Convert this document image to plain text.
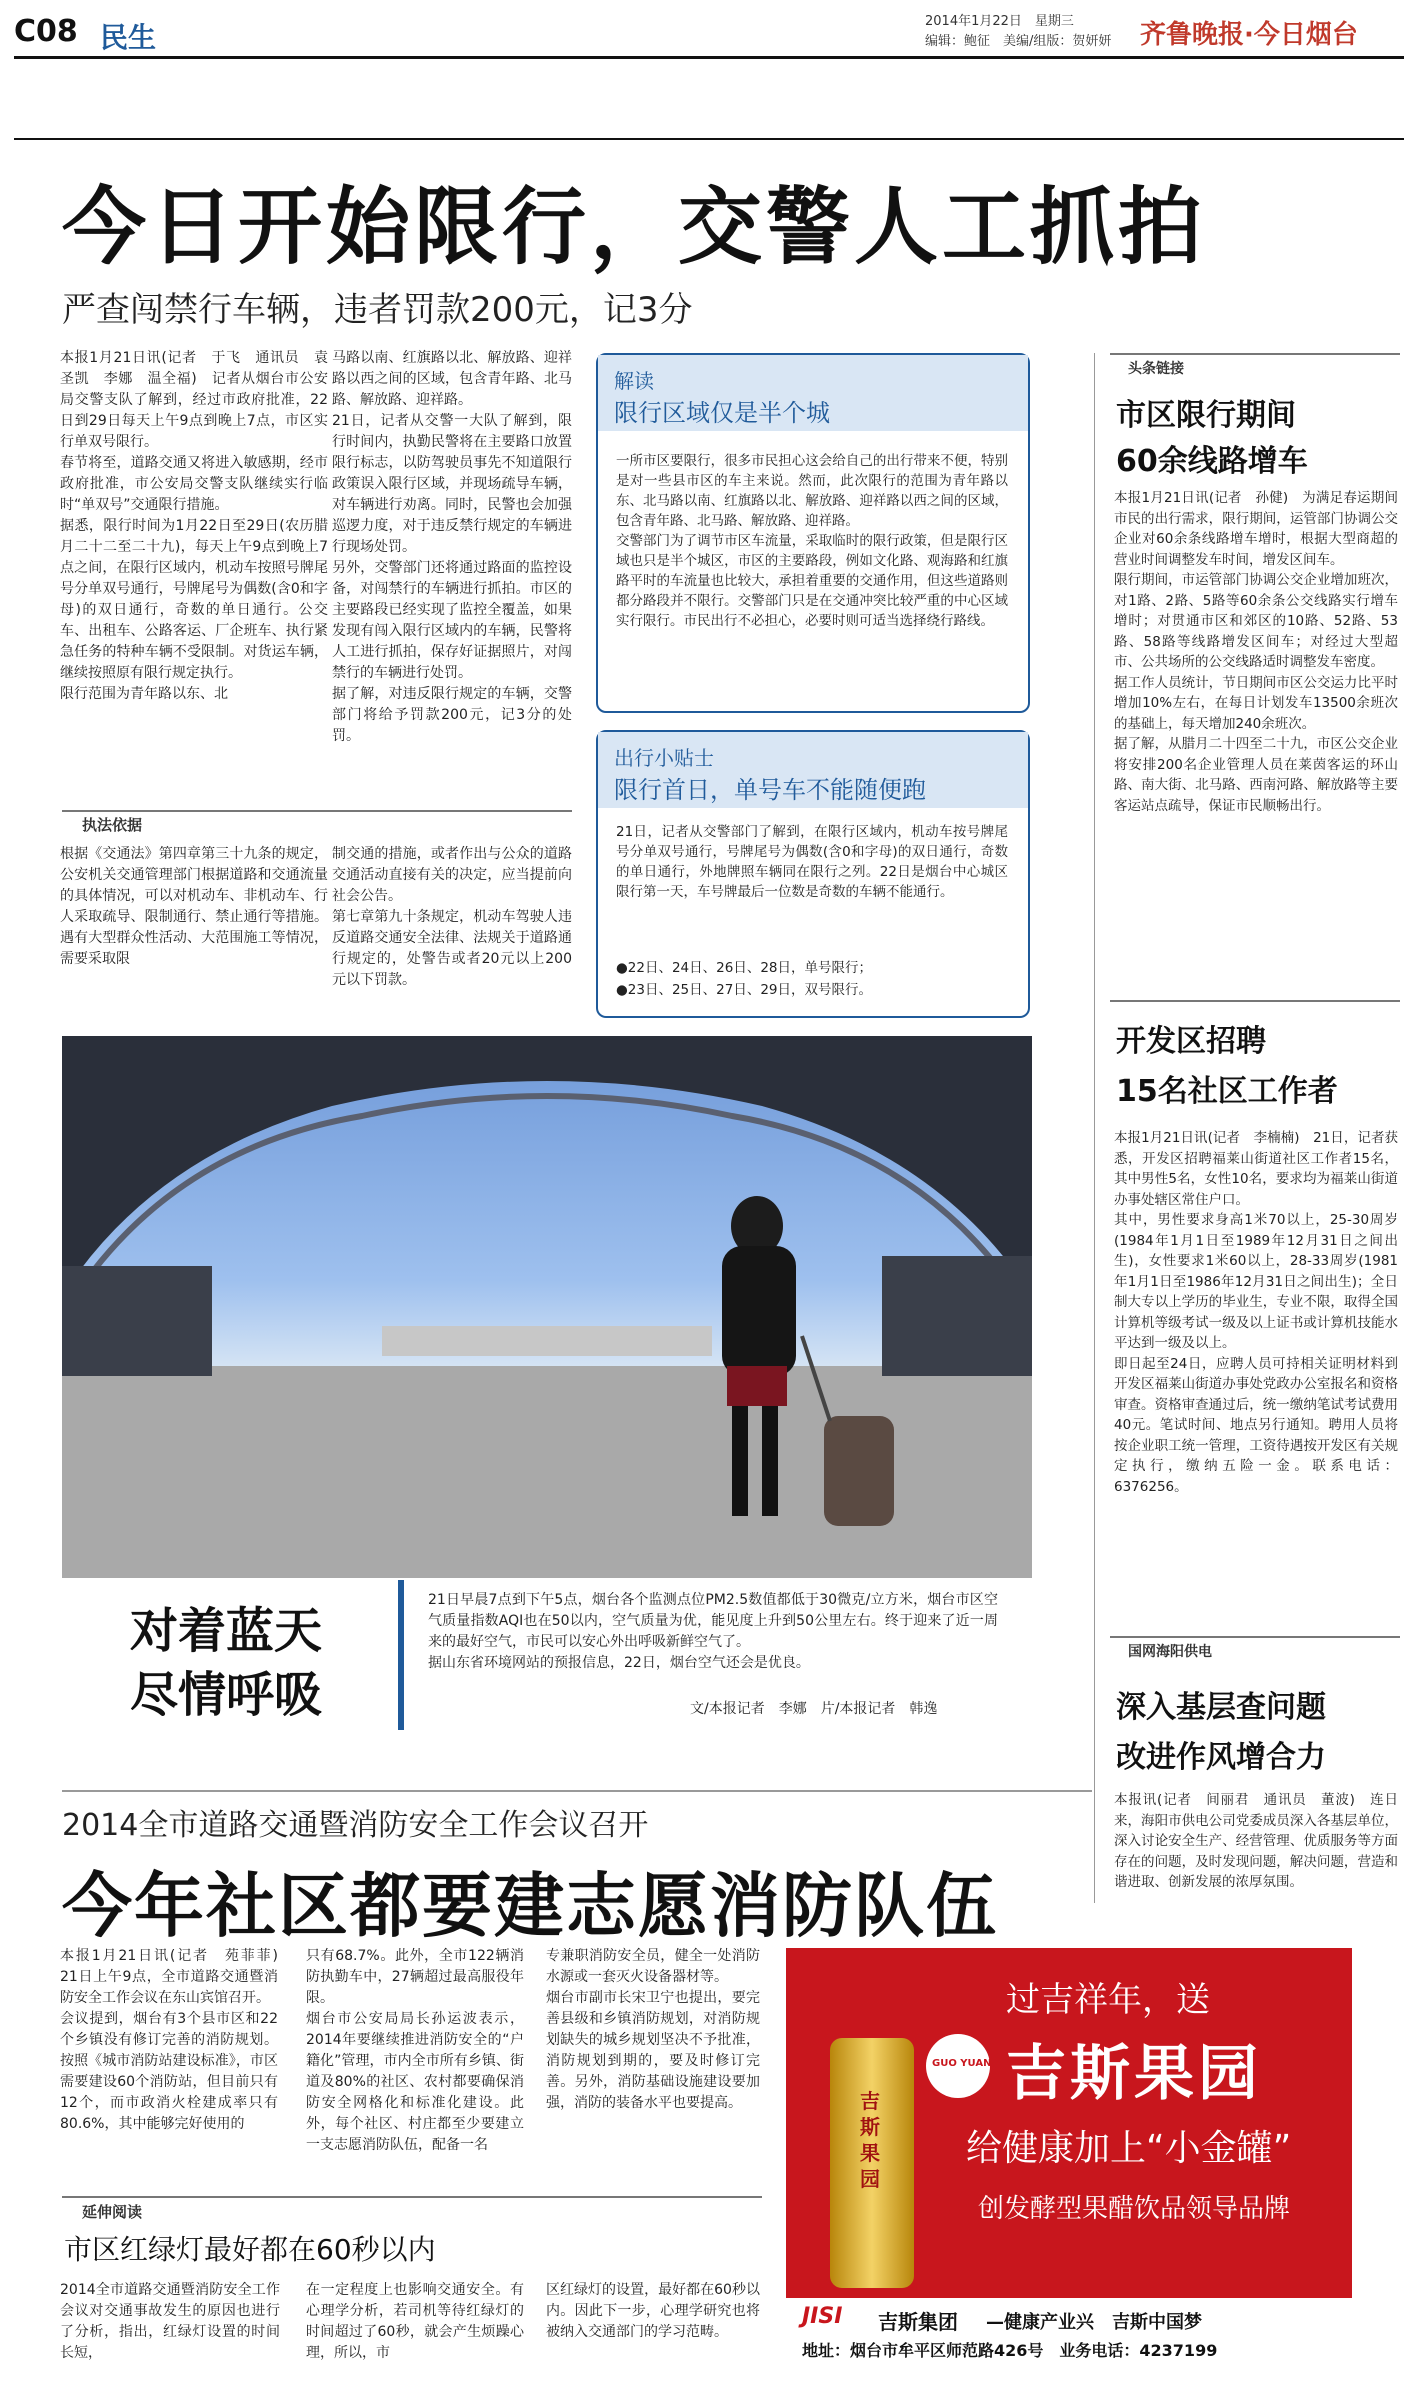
C08 民生	2014年1月22日　星期三
编辑：鲍征　美编/组版：贺妍妍 齐鲁晚报·今日烟台
今日开始限行，交警人工抓拍
严查闯禁行车辆，违者罚款200元，记3分
本报1月21日讯(记者　于飞　通讯员　袁圣凯　李娜　温全福)　记者从烟台市公安局交警支队了解到，经过市政府批准，22日到29日每天上午9点到晚上7点，市区实行单双号限行。
春节将至，道路交通又将进入敏感期，经市政府批准，市公安局交警支队继续实行临时“单双号”交通限行措施。
据悉，限行时间为1月22日至29日(农历腊月二十二至二十九)，每天上午9点到晚上7点之间，在限行区域内，机动车按照号牌尾号分单双号通行，号牌尾号为偶数(含0和字母)的双日通行，奇数的单日通行。公交车、出租车、公路客运、厂企班车、执行紧急任务的特种车辆不受限制。对货运车辆，继续按照原有限行规定执行。
限行范围为青年路以东、北
马路以南、红旗路以北、解放路、迎祥路以西之间的区域，包含青年路、北马路、解放路、迎祥路。
21日，记者从交警一大队了解到，限行时间内，执勤民警将在主要路口放置限行标志，以防驾驶员事先不知道限行政策误入限行区域，并现场疏导车辆，对车辆进行劝离。同时，民警也会加强巡逻力度，对于违反禁行规定的车辆进行现场处罚。
另外，交警部门还将通过路面的监控设备，对闯禁行的车辆进行抓拍。市区的主要路段已经实现了监控全覆盖，如果发现有闯入限行区域内的车辆，民警将人工进行抓拍，保存好证据照片，对闯禁行的车辆进行处罚。
据了解，对违反限行规定的车辆，交警部门将给予罚款200元，记3分的处罚。
执法依据
根据《交通法》第四章第三十九条的规定，公安机关交通管理部门根据道路和交通流量的具体情况，可以对机动车、非机动车、行人采取疏导、限制通行、禁止通行等措施。遇有大型群众性活动、大范围施工等情况，需要采取限
制交通的措施，或者作出与公众的道路交通活动直接有关的决定，应当提前向社会公告。
第七章第九十条规定，机动车驾驶人违反道路交通安全法律、法规关于道路通行规定的，处警告或者20元以上200元以下罚款。
解读
限行区域仅是半个城
一所市区要限行，很多市民担心这会给自己的出行带来不便，特别是对一些县市区的车主来说。然而，此次限行的范围为青年路以东、北马路以南、红旗路以北、解放路、迎祥路以西之间的区域，包含青年路、北马路、解放路、迎祥路。
交警部门为了调节市区车流量，采取临时的限行政策，但是限行区域也只是半个城区，市区的主要路段，例如文化路、观海路和红旗路平时的车流量也比较大，承担着重要的交通作用，但这些道路则都分路段并不限行。交警部门只是在交通冲突比较严重的中心区域实行限行。市民出行不必担心，必要时则可适当选择绕行路线。
出行小贴士
限行首日，单号车不能随便跑
21日，记者从交警部门了解到，在限行区域内，机动车按号牌尾号分单双号通行，号牌尾号为偶数(含0和字母)的双日通行，奇数的单日通行，外地牌照车辆同在限行之列。22日是烟台中心城区限行第一天，车号牌最后一位数是奇数的车辆不能通行。
●22日、24日、26日、28日，单号限行；
●23日、25日、27日、29日，双号限行。
头条链接
市区限行期间
60余线路增车
本报1月21日讯(记者　孙健)　为满足春运期间市民的出行需求，限行期间，运管部门协调公交企业对60余条线路增车增时，根据大型商超的营业时间调整发车时间，增发区间车。
限行期间，市运管部门协调公交企业增加班次，对1路、2路、5路等60余条公交线路实行增车增时；对贯通市区和郊区的10路、52路、53路、58路等线路增发区间车；对经过大型超市、公共场所的公交线路适时调整发车密度。
据工作人员统计，节日期间市区公交运力比平时增加10%左右，在每日计划发车13500余班次的基础上，每天增加240余班次。
据了解，从腊月二十四至二十九，市区公交企业将安排200名企业管理人员在莱茵客运的环山路、南大街、北马路、西南河路、解放路等主要客运站点疏导，保证市民顺畅出行。
开发区招聘
15名社区工作者
本报1月21日讯(记者　李楠楠)　21日，记者获悉，开发区招聘福莱山街道社区工作者15名，其中男性5名，女性10名，要求均为福莱山街道办事处辖区常住户口。
其中，男性要求身高1米70以上，25-30周岁(1984年1月1日至1989年12月31日之间出生)，女性要求1米60以上，28-33周岁(1981年1月1日至1986年12月31日之间出生)；全日制大专以上学历的毕业生，专业不限，取得全国计算机等级考试一级及以上证书或计算机技能水平达到一级及以上。
即日起至24日，应聘人员可持相关证明材料到开发区福莱山街道办事处党政办公室报名和资格审查。资格审查通过后，统一缴纳笔试考试费用40元。笔试时间、地点另行通知。聘用人员将按企业职工统一管理，工资待遇按开发区有关规定执行，缴纳五险一金。联系电话：6376256。
国网海阳供电
深入基层查问题
改进作风增合力
本报讯(记者　间丽君　通讯员　董波)　连日来，海阳市供电公司党委成员深入各基层单位，深入讨论安全生产、经营管理、优质服务等方面存在的问题，及时发现问题，解决问题，营造和谐进取、创新发展的浓厚氛围。
对着蓝天
尽情呼吸
21日早晨7点到下午5点，烟台各个监测点位PM2.5数值都低于30微克/立方米，烟台市区空气质量指数AQI也在50以内，空气质量为优，能见度上升到50公里左右。终于迎来了近一周来的最好空气，市民可以安心外出呼吸新鲜空气了。
据山东省环境网站的预报信息，22日，烟台空气还会是优良。
文/本报记者　李娜　片/本报记者　韩逸
2014全市道路交通暨消防安全工作会议召开
今年社区都要建志愿消防队伍
本报1月21日讯(记者　苑菲菲)　21日上午9点，全市道路交通暨消防安全工作会议在东山宾馆召开。
会议提到，烟台有3个县市区和22个乡镇没有修订完善的消防规划。按照《城市消防站建设标准》，市区需要建设60个消防站，但目前只有12个，而市政消火栓建成率只有80.6%，其中能够完好使用的
只有68.7%。此外，全市122辆消防执勤车中，27辆超过最高服役年限。
烟台市公安局局长孙运波表示，2014年要继续推进消防安全的“户籍化”管理，市内全市所有乡镇、街道及80%的社区、农村都要确保消防安全网格化和标准化建设。此外，每个社区、村庄都至少要建立一支志愿消防队伍，配备一名
专兼职消防安全员，健全一处消防水源或一套灭火设备器材等。
烟台市副市长宋卫宁也提出，要完善县级和乡镇消防规划，对消防规划缺失的城乡规划坚决不予批准，消防规划到期的，要及时修订完善。另外，消防基础设施建设要加强，消防的装备水平也要提高。
延伸阅读
市区红绿灯最好都在60秒以内
2014全市道路交通暨消防安全工作会议对交通事故发生的原因也进行了分析，指出，红绿灯设置的时间长短，
在一定程度上也影响交通安全。有心理学分析，若司机等待红绿灯的时间超过了60秒，就会产生烦躁心理，所以，市
区红绿灯的设置，最好都在60秒以内。因此下一步，心理学研究也将被纳入交通部门的学习范畴。
过吉祥年，送
GUO YUAN 吉斯果园
给健康加上“小金罐”
创发酵型果醋饮品领导品牌
吉斯果园
JISI 吉斯集团 —健康产业兴　吉斯中国梦
地址：烟台市牟平区师范路426号　业务电话：4237199
